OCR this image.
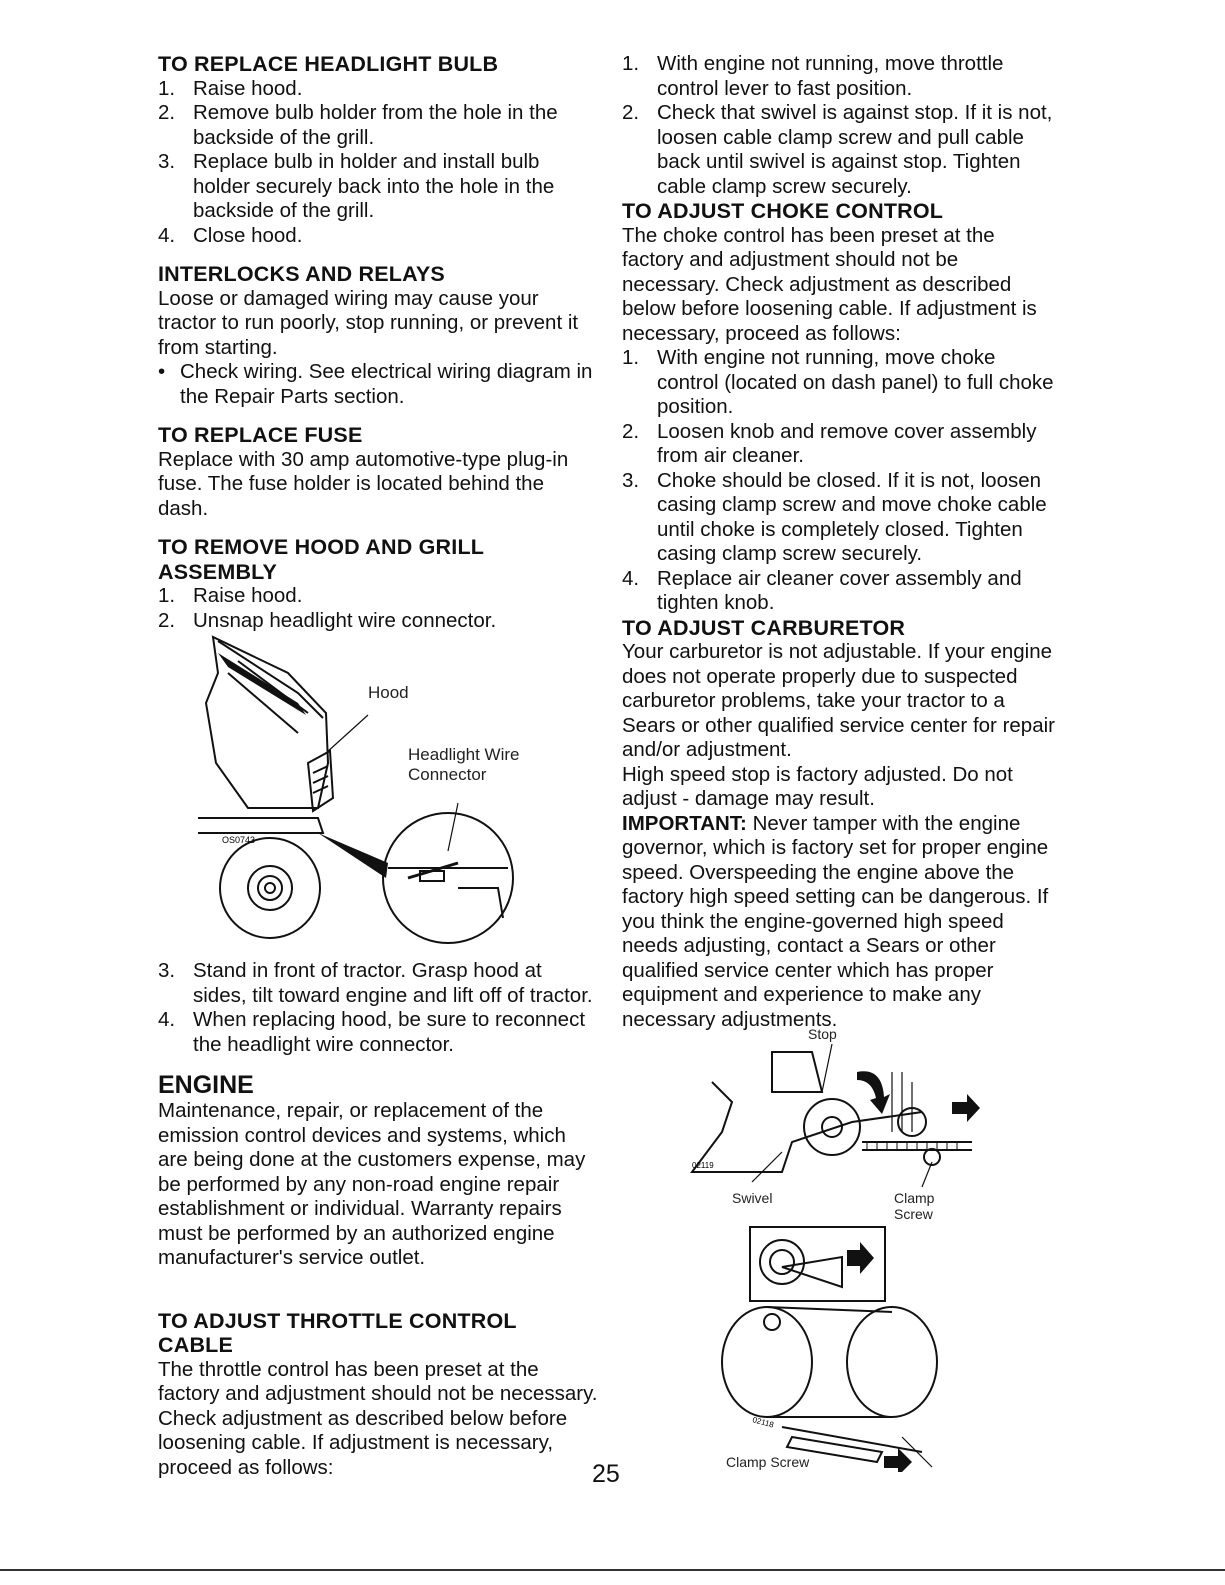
TO REPLACE HEADLIGHT BULB
1. Raise hood.
2. Remove bulb holder from the hole in the backside of the grill.
3. Replace bulb in holder and install bulb holder securely back into the hole in the backside of the grill.
4. Close hood.
INTERLOCKS AND RELAYS

Loose or damaged wiring may cause your tractor to run poorly, stop running, or prevent it from starting.

• Check wiring. See electrical wiring diagram in the Repair Parts section.
TO REPLACE FUSE

Replace with 30 amp automotive-type plug-in fuse. The fuse holder is located behind the dash.

TO REMOVE HOOD AND GRILL ASSEMBLY
1. Raise hood.
2. Unsnap headlight wire connector.
OS0743
Hood
Headlight Wire Connector
3. Stand in front of tractor. Grasp hood at sides, tilt toward engine and lift off of tractor.
4. When replacing hood, be sure to reconnect the headlight wire connector.
ENGINE

Maintenance, repair, or replacement of the emission control devices and systems, which are being done at the customers expense, may be performed by any non-road engine repair establishment or individual. Warranty repairs must be performed by an authorized engine manufacturer's service outlet.

TO ADJUST THROTTLE CONTROL CABLE

The throttle control has been preset at the factory and adjustment should not be necessary. Check adjustment as described below before loosening cable. If adjustment is necessary, proceed as follows:

1. With engine not running, move throttle control lever to fast position.
2. Check that swivel is against stop. If it is not, loosen cable clamp screw and pull cable back until swivel is against stop. Tighten cable clamp screw securely.
TO ADJUST CHOKE CONTROL

The choke control has been preset at the factory and adjustment should not be necessary. Check adjustment as described below before loosening cable. If adjustment is necessary, proceed as follows:

1. With engine not running, move choke control (located on dash panel) to full choke position.
2. Loosen knob and remove cover assembly from air cleaner.
3. Choke should be closed. If it is not, loosen casing clamp screw and move choke cable until choke is completely closed. Tighten casing clamp screw securely.
4. Replace air cleaner cover assembly and tighten knob.
TO ADJUST CARBURETOR

Your carburetor is not adjustable. If your engine does not operate properly due to suspected carburetor problems, take your tractor to a Sears or other qualified service center for repair and/or adjustment.

High speed stop is factory adjusted. Do not adjust - damage may result.

IMPORTANT: Never tamper with the engine governor, which is factory set for proper engine speed. Overspeeding the engine above the factory high speed setting can be dangerous. If you think the engine-governed high speed needs adjusting, contact a Sears or other qualified service center which has proper equipment and experience to make any necessary adjustments.

02119
02118
Stop
Swivel	Clamp Screw
Clamp Screw
25
